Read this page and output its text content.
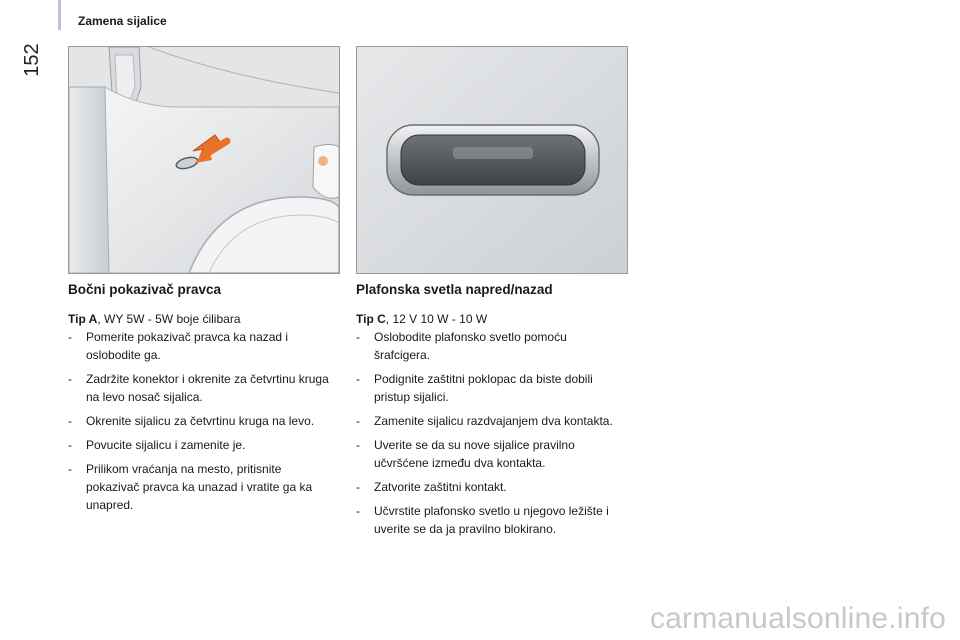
152
Zamena sijalice
Bočni pokazivač pravca

Tip A, WY 5W - 5W boje ćilibara

- Pomerite pokazivač pravca ka nazad i oslobodite ga.
- Zadržite konektor i okrenite za četvrtinu kruga na levo nosač sijalica.
- Okrenite sijalicu za četvrtinu kruga na levo.
- Povucite sijalicu i zamenite je.
- Prilikom vraćanja na mesto, pritisnite pokazivač pravca ka unazad i vratite ga ka unapred.
Plafonska svetla napred/nazad

Tip C, 12 V 10 W - 10 W

- Oslobodite plafonsko svetlo pomoću šrafcigera.
- Podignite zaštitni poklopac da biste dobili pristup sijalici.
- Zamenite sijalicu razdvajanjem dva kontakta.
- Uverite se da su nove sijalice pravilno učvršćene između dva kontakta.
- Zatvorite zaštitni kontakt.
- Učvrstite plafonsko svetlo u njegovo ležište i uverite se da ja pravilno blokirano.
carmanualsonline.info
